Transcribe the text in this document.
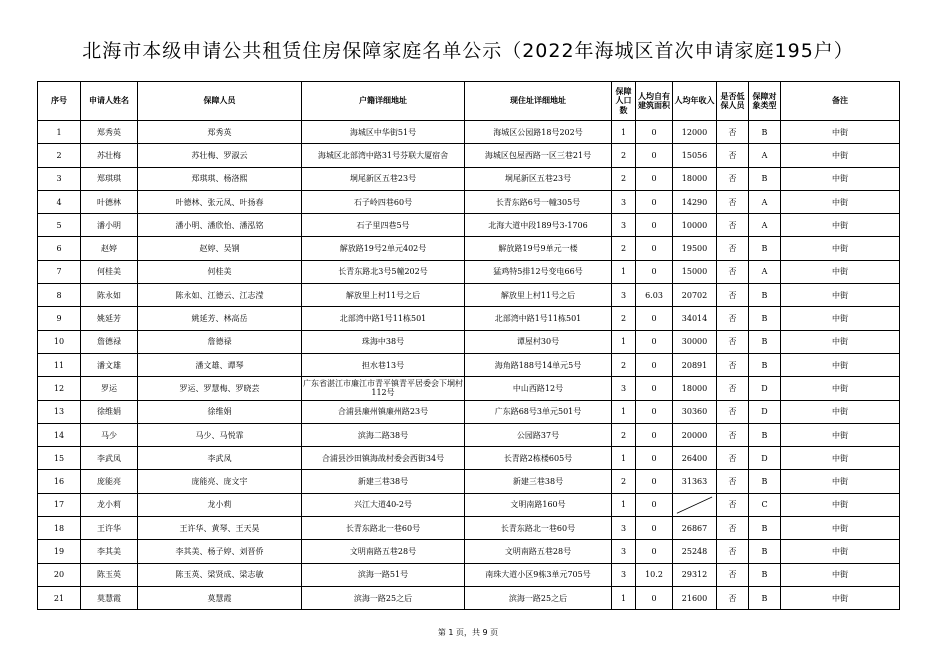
北海市本级申请公共租赁住房保障家庭名单公示（2022年海城区首次申请家庭195户）
序号	申请人姓名	保障人员	户籍详细地址	现住址详细地址	保障人口数	人均自有建筑面积	人均年收入	是否低保人员	保障对象类型	备注
1	郑秀英	郑秀英	海城区中华街51号	海城区公园路18号202号	1	0	12000	否	B	中街
2	苏壮梅	苏壮梅、罗淑云	海城区北部湾中路31号芬联大厦宿舍	海城区包屋西路一区三巷21号	2	0	15056	否	A	中街
3	郑琪琪	郑琪琪、杨洛熙	垌尾新区五巷23号	垌尾新区五巷23号	2	0	18000	否	B	中街
4	叶德林	叶德林、张元凤、叶扬春	石子岭四巷60号	长青东路6号一幢305号	3	0	14290	否	A	中街
5	潘小明	潘小明、潘欣怡、潘泓铭	石子里四巷5号	北海大道中段189号3-1706	3	0	10000	否	A	中街
6	赵婷	赵婷、吴钢	解放路19号2单元402号	解放路19号9单元一楼	2	0	19500	否	B	中街
7	何桂美	何桂美	长青东路北3号5幢202号	猛鸡特5排12号变电66号	1	0	15000	否	A	中街
8	陈永如	陈永如、江德云、江志滢	解放里上村11号之后	解放里上村11号之后	3	6.03	20702	否	B	中街
9	姚延芳	姚延芳、林高岳	北部湾中路1号11栋501	北部湾中路1号11栋501	2	0	34014	否	B	中街
10	詹德禄	詹德禄	珠海中38号	谭屋村30号	1	0	30000	否	B	中街
11	潘文雄	潘文雄、谭琴	担水巷13号	海角路188号14单元5号	2	0	20891	否	B	中街
12	罗运	罗运、罗慧梅、罗晓芸	广东省湛江市廉江市青平镇青平居委会下垌村112号	中山西路12号	3	0	18000	否	D	中街
13	徐维娟	徐维娟	合浦县廉州镇廉州路23号	广东路68号3单元501号	1	0	30360	否	D	中街
14	马少	马少、马悦霏	滨海二路38号	公园路37号	2	0	20000	否	B	中街
15	李武凤	李武凤	合浦县沙田镇海战村委会西街34号	长青路2栋楼605号	1	0	26400	否	D	中街
16	庞能亮	庞能亮、庞文宇	新建三巷38号	新建三巷38号	2	0	31363	否	B	中街
17	龙小莉	龙小莉	兴江大道40-2号	文明南路160号	1	0		否	C	中街
18	王许华	王许华、黄琴、王天昊	长青东路北一巷60号	长青东路北一巷60号	3	0	26867	否	B	中街
19	李其美	李其美、杨子婷、刘晋侨	文明南路五巷28号	文明南路五巷28号	3	0	25248	否	B	中街
20	陈玉英	陈玉英、梁贤成、梁志敏	滨海一路51号	南珠大道小区9栋3单元705号	3	10.2	29312	否	B	中街
21	莫慧霞	莫慧霞	滨海一路25之后	滨海一路25之后	1	0	21600	否	B	中街
第 1 页，共 9 页
